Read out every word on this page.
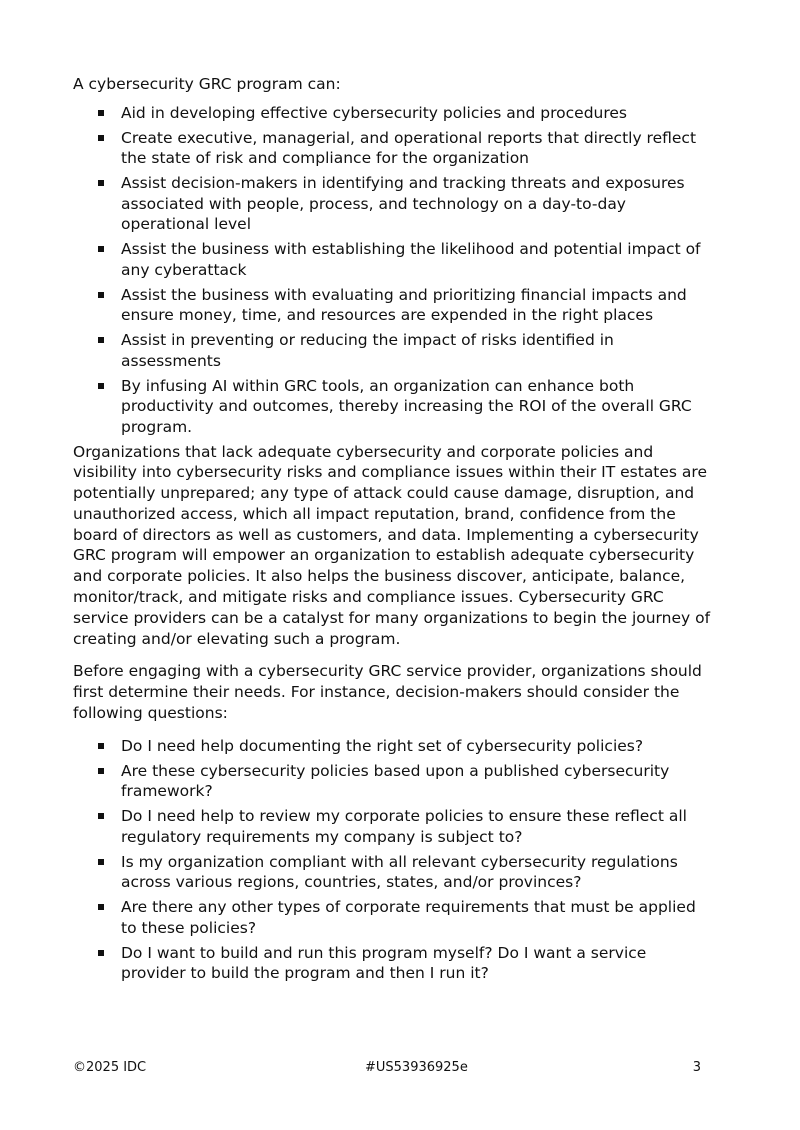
A cybersecurity GRC program can:

Aid in developing effective cybersecurity policies and procedures
Create executive, managerial, and operational reports that directly reflect the state of risk and compliance for the organization
Assist decision-makers in identifying and tracking threats and exposures associated with people, process, and technology on a day-to-day operational level
Assist the business with establishing the likelihood and potential impact of any cyberattack
Assist the business with evaluating and prioritizing financial impacts and ensure money, time, and resources are expended in the right places
Assist in preventing or reducing the impact of risks identified in assessments
By infusing AI within GRC tools, an organization can enhance both productivity and outcomes, thereby increasing the ROI of the overall GRC program.

Organizations that lack adequate cybersecurity and corporate policies and visibility into cybersecurity risks and compliance issues within their IT estates are potentially unprepared; any type of attack could cause damage, disruption, and unauthorized access, which all impact reputation, brand, confidence from the board of directors as well as customers, and data. Implementing a cybersecurity GRC program will empower an organization to establish adequate cybersecurity and corporate policies. It also helps the business discover, anticipate, balance, monitor/track, and mitigate risks and compliance issues. Cybersecurity GRC service providers can be a catalyst for many organizations to begin the journey of creating and/or elevating such a program.

Before engaging with a cybersecurity GRC service provider, organizations should first determine their needs. For instance, decision-makers should consider the following questions:

Do I need help documenting the right set of cybersecurity policies?
Are these cybersecurity policies based upon a published cybersecurity framework?
Do I need help to review my corporate policies to ensure these reflect all regulatory requirements my company is subject to?
Is my organization compliant with all relevant cybersecurity regulations across various regions, countries, states, and/or provinces?
Are there any other types of corporate requirements that must be applied to these policies?
Do I want to build and run this program myself? Do I want a service provider to build the program and then I run it?
©2025 IDC	#US53936925e	3
